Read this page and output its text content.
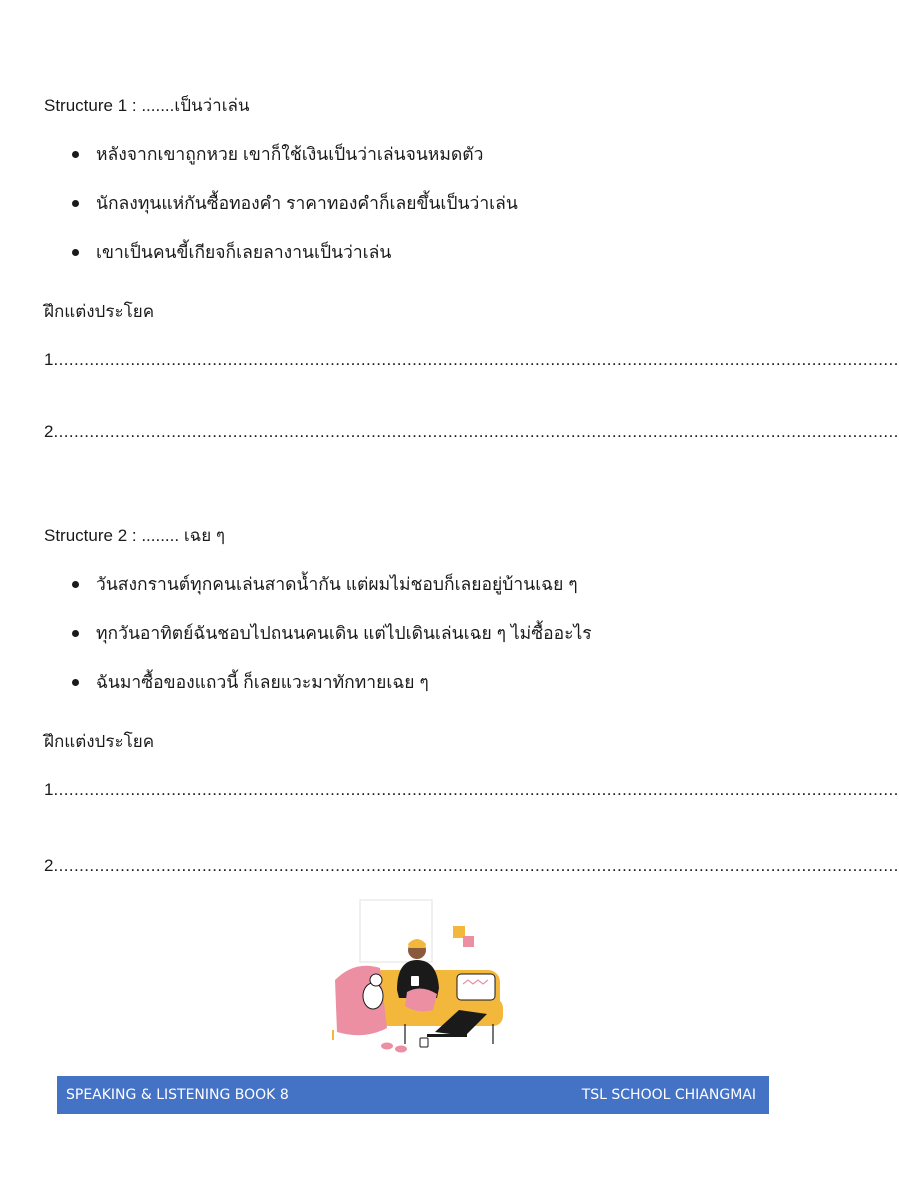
Structure 1 : .......เป็นว่าเล่น
หลังจากเขาถูกหวย เขาก็ใช้เงินเป็นว่าเล่นจนหมดตัว
นักลงทุนแห่กันซื้อทองคำ ราคาทองคำก็เลยขึ้นเป็นว่าเล่น
เขาเป็นคนขี้เกียจก็เลยลางานเป็นว่าเล่น
ฝึกแต่งประโยค
1 .....................................................................................................................................................................
2 .....................................................................................................................................................................
Structure 2 : ........ เฉย ๆ
วันสงกรานต์ทุกคนเล่นสาดน้ำกัน แต่ผมไม่ชอบก็เลยอยู่บ้านเฉย ๆ
ทุกวันอาทิตย์ฉันชอบไปถนนคนเดิน แต่ไปเดินเล่นเฉย ๆ ไม่ซื้ออะไร
ฉันมาซื้อของแถวนี้ ก็เลยแวะมาทักทายเฉย ๆ
ฝึกแต่งประโยค
1 .....................................................................................................................................................................
2 .....................................................................................................................................................................
SPEAKING & LISTENING BOOK 8	TSL SCHOOL CHIANGMAI
